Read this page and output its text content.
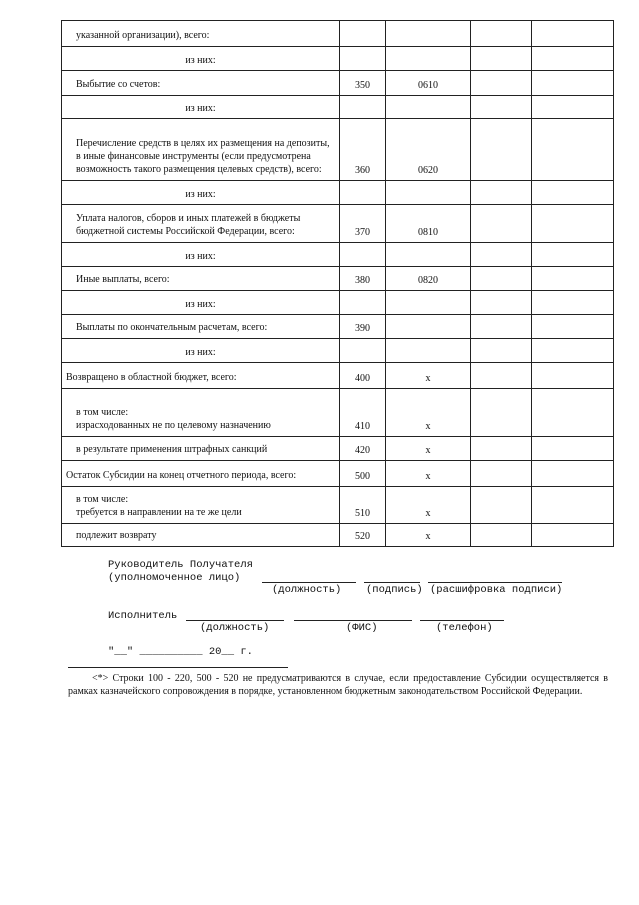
указанной организации), всего:				
из них:				
Выбытие со счетов:	350	0610		
из них:				
Перечисление средств в целях их размещения на депозиты, в иные финансовые инструменты (если предусмотрена возможность такого размещения целевых средств), всего:	360	0620		
из них:				
Уплата налогов, сборов и иных платежей в бюджеты бюджетной системы Российской Федерации, всего:	370	0810		
из них:				
Иные выплаты, всего:	380	0820		
из них:				
Выплаты по окончательным расчетам, всего:	390			
из них:				
Возвращено в областной бюджет, всего:	400	x		
в том числе:
израсходованных не по целевому назначению	410	x		
в результате применения штрафных санкций	420	x		
Остаток Субсидии на конец отчетного периода, всего:	500	x		
в том числе:
требуется в направлении на те же цели	510	x		
подлежит возврату	520	x		
Руководитель Получателя
(уполномоченное лицо)
(должность) (подпись) (расшифровка подписи)
Исполнитель
(должность)	(ФИС)	(телефон)
"__" __________ 20__ г.
<*> Строки 100 - 220, 500 - 520 не предусматриваются в случае, если предоставление Субсидии осуществляется в рамках казначейского сопровождения в порядке, установленном бюджетным законодательством Российской Федерации.
